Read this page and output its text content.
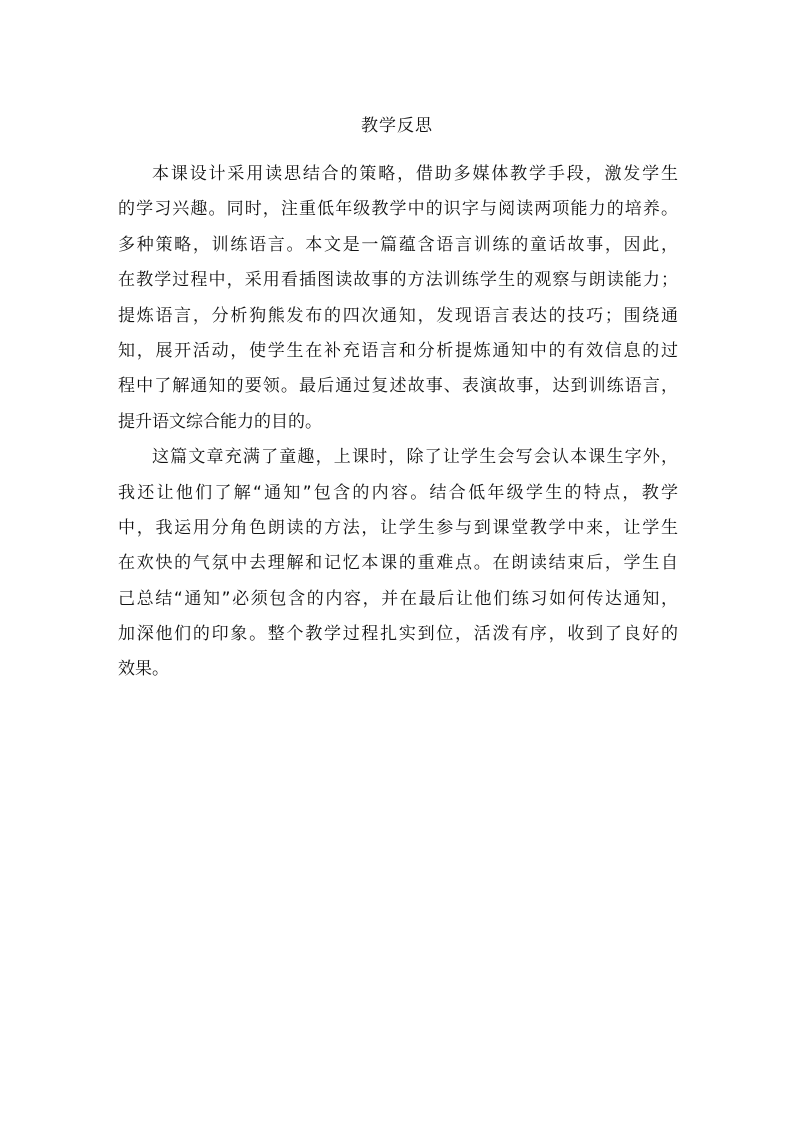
教学反思
本课设计采用读思结合的策略，借助多媒体教学手段，激发学生
的学习兴趣。同时，注重低年级教学中的识字与阅读两项能力的培养。
多种策略，训练语言。本文是一篇蕴含语言训练的童话故事，因此，
在教学过程中，采用看插图读故事的方法训练学生的观察与朗读能力；
提炼语言，分析狗熊发布的四次通知，发现语言表达的技巧；围绕通
知，展开活动，使学生在补充语言和分析提炼通知中的有效信息的过
程中了解通知的要领。最后通过复述故事、表演故事，达到训练语言，
提升语文综合能力的目的。
这篇文章充满了童趣，上课时，除了让学生会写会认本课生字外，
我还让他们了解“通知”包含的内容。结合低年级学生的特点，教学
中，我运用分角色朗读的方法，让学生参与到课堂教学中来，让学生
在欢快的气氛中去理解和记忆本课的重难点。在朗读结束后，学生自
己总结“通知”必须包含的内容，并在最后让他们练习如何传达通知，
加深他们的印象。整个教学过程扎实到位，活泼有序，收到了良好的
效果。
